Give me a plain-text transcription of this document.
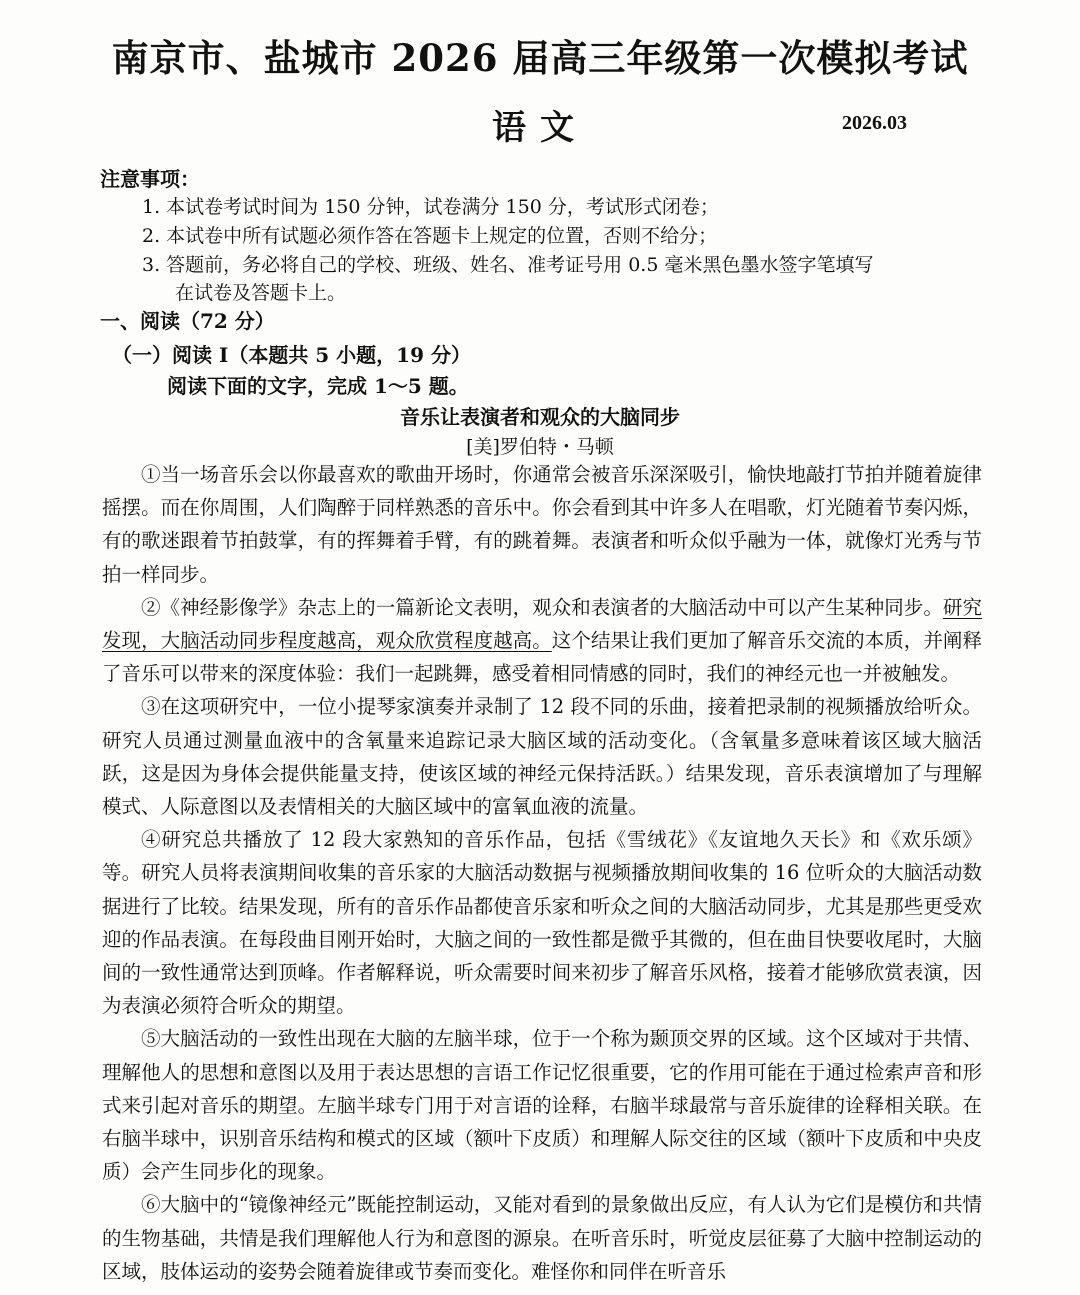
南京市、盐城市 2026 届高三年级第一次模拟考试
语文	2026.03
注意事项：
1. 本试卷考试时间为 150 分钟，试卷满分 150 分，考试形式闭卷；
2. 本试卷中所有试题必须作答在答题卡上规定的位置，否则不给分；
3. 答题前，务必将自己的学校、班级、姓名、准考证号用 0.5 毫米黑色墨水签字笔填写
在试卷及答题卡上。
一、阅读（72 分）
（一）阅读 Ⅰ（本题共 5 小题，19 分）
阅读下面的文字，完成 1～5 题。
音乐让表演者和观众的大脑同步
[美]罗伯特・马顿

①当一场音乐会以你最喜欢的歌曲开场时，你通常会被音乐深深吸引，愉快地敲打节拍并随着旋律摇摆。而在你周围，人们陶醉于同样熟悉的音乐中。你会看到其中许多人在唱歌，灯光随着节奏闪烁，有的歌迷跟着节拍鼓掌，有的挥舞着手臂，有的跳着舞。表演者和听众似乎融为一体，就像灯光秀与节拍一样同步。

②《神经影像学》杂志上的一篇新论文表明，观众和表演者的大脑活动中可以产生某种同步。研究发现，大脑活动同步程度越高，观众欣赏程度越高。这个结果让我们更加了解音乐交流的本质，并阐释了音乐可以带来的深度体验：我们一起跳舞，感受着相同情感的同时，我们的神经元也一并被触发。

③在这项研究中，一位小提琴家演奏并录制了 12 段不同的乐曲，接着把录制的视频播放给听众。研究人员通过测量血液中的含氧量来追踪记录大脑区域的活动变化。（含氧量多意味着该区域大脑活跃，这是因为身体会提供能量支持，使该区域的神经元保持活跃。）结果发现，音乐表演增加了与理解模式、人际意图以及表情相关的大脑区域中的富氧血液的流量。

④研究总共播放了 12 段大家熟知的音乐作品，包括《雪绒花》《友谊地久天长》和《欢乐颂》等。研究人员将表演期间收集的音乐家的大脑活动数据与视频播放期间收集的 16 位听众的大脑活动数据进行了比较。结果发现，所有的音乐作品都使音乐家和听众之间的大脑活动同步，尤其是那些更受欢迎的作品表演。在每段曲目刚开始时，大脑之间的一致性都是微乎其微的，但在曲目快要收尾时，大脑间的一致性通常达到顶峰。作者解释说，听众需要时间来初步了解音乐风格，接着才能够欣赏表演，因为表演必须符合听众的期望。

⑤大脑活动的一致性出现在大脑的左脑半球，位于一个称为颞顶交界的区域。这个区域对于共情、理解他人的思想和意图以及用于表达思想的言语工作记忆很重要，它的作用可能在于通过检索声音和形式来引起对音乐的期望。左脑半球专门用于对言语的诠释，右脑半球最常与音乐旋律的诠释相关联。在右脑半球中，识别音乐结构和模式的区域（额叶下皮质）和理解人际交往的区域（额叶下皮质和中央皮质）会产生同步化的现象。

⑥大脑中的“镜像神经元”既能控制运动，又能对看到的景象做出反应，有人认为它们是模仿和共情的生物基础，共情是我们理解他人行为和意图的源泉。在听音乐时，听觉皮层征募了大脑中控制运动的区域，肢体运动的姿势会随着旋律或节奏而变化。难怪你和同伴在听音乐
